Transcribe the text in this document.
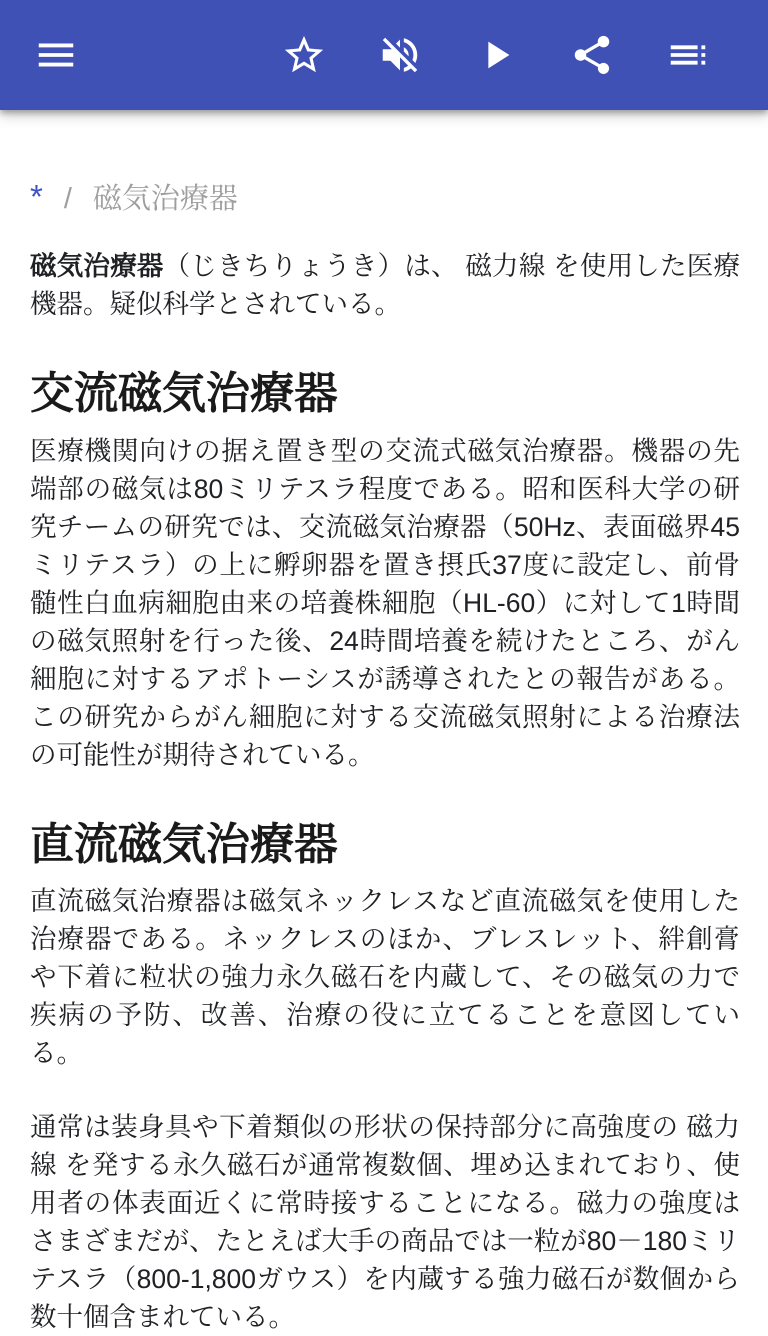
* / 磁気治療器

磁気治療器（じきちりょうき）は、 磁力線 を使用した医療機器。疑似科学とされている。

交流磁気治療器

医療機関向けの据え置き型の交流式磁気治療器。機器の先端部の磁気は80ミリテスラ程度である。昭和医科大学の研究チームの研究では、交流磁気治療器（50Hz、表面磁界45ミリテスラ）の上に孵卵器を置き摂氏37度に設定し、前骨髄性白血病細胞由来の培養株細胞（HL-60）に対して1時間の磁気照射を行った後、24時間培養を続けたところ、がん細胞に対するアポトーシスが誘導されたとの報告がある。この研究からがん細胞に対する交流磁気照射による治療法の可能性が期待されている。

直流磁気治療器

直流磁気治療器は磁気ネックレスなど直流磁気を使用した治療器である。ネックレスのほか、ブレスレット、絆創膏や下着に粒状の強力永久磁石を内蔵して、その磁気の力で疾病の予防、改善、治療の役に立てることを意図している。

通常は装身具や下着類似の形状の保持部分に高強度の 磁力線 を発する永久磁石が通常複数個、埋め込まれており、使用者の体表面近くに常時接することになる。磁力の強度はさまざまだが、たとえば大手の商品では一粒が80－180ミリテスラ（800-1,800ガウス）を内蔵する強力磁石が数個から数十個含まれている。
